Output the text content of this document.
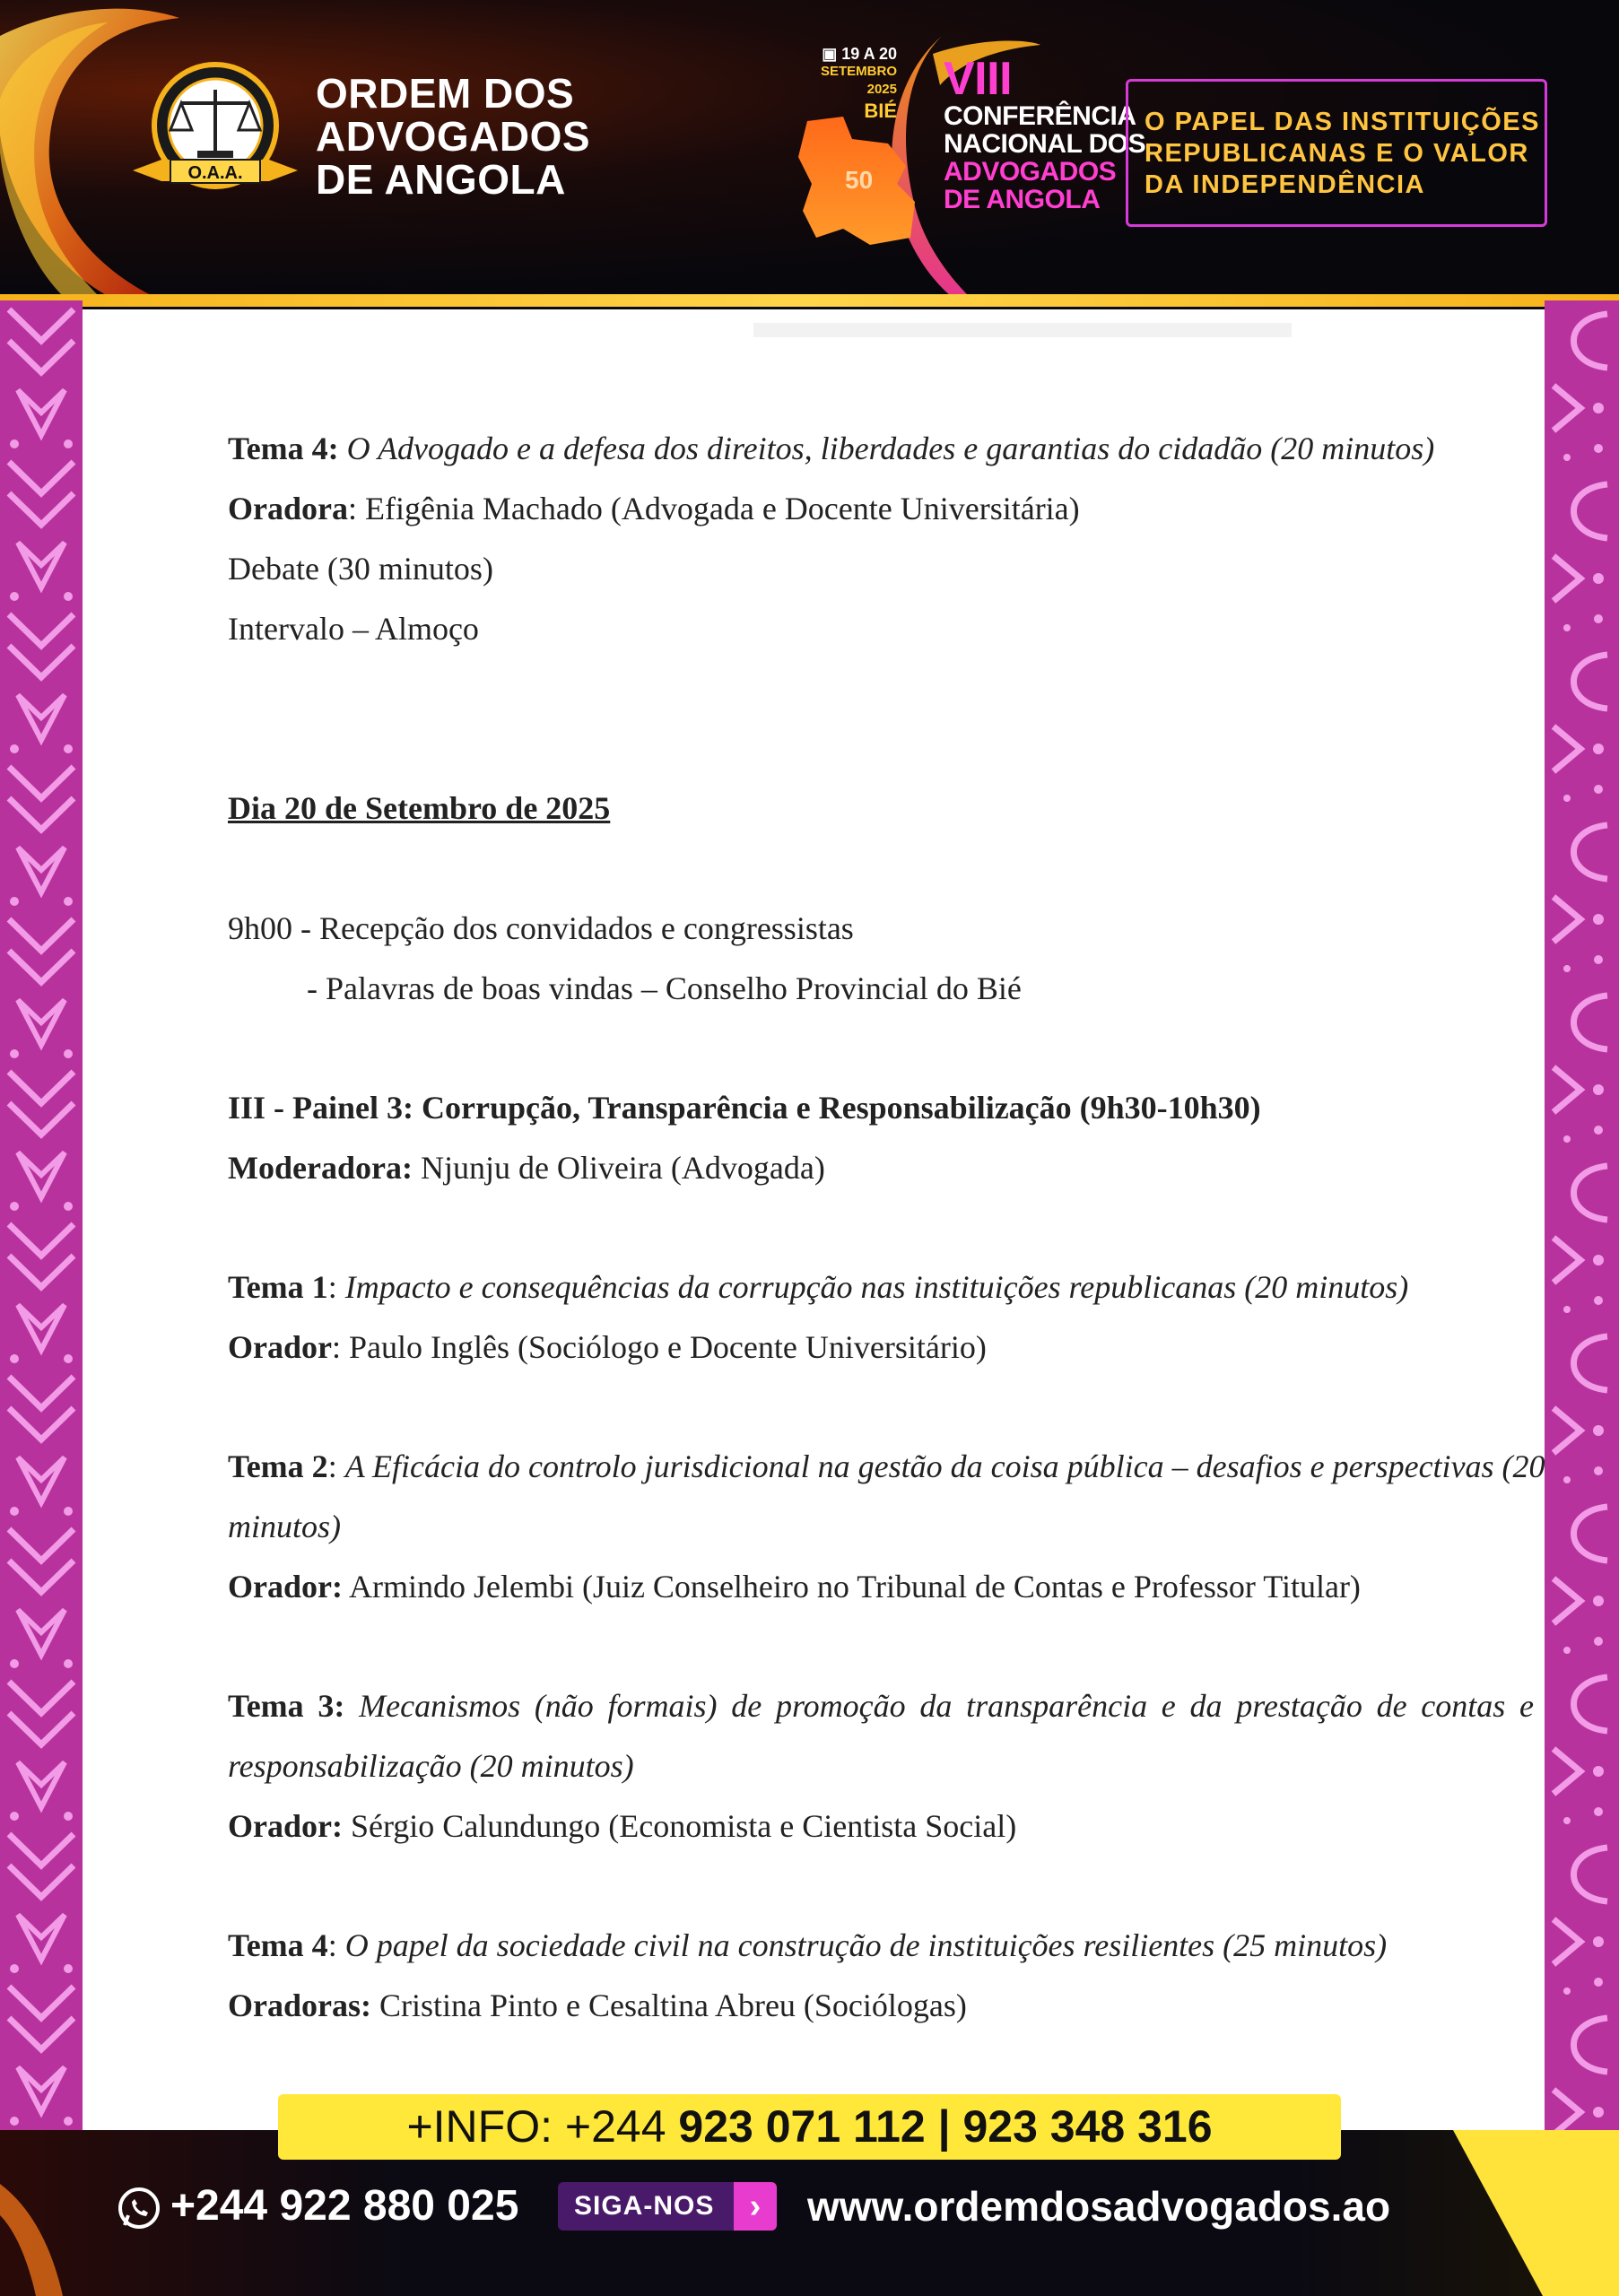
O.A.A.
ORDEM DOS
ADVOGADOS
DE ANGOLA
▣ 19 A 20
SETEMBRO
2025
BIÉ
50
VIII
CONFERÊNCIA
NACIONAL DOS
ADVOGADOS
DE ANGOLA
O PAPEL DAS INSTITUIÇÕES
REPUBLICANAS E O VALOR
DA INDEPENDÊNCIA
Tema 4: O Advogado e a defesa dos direitos, liberdades e garantias do cidadão (20 minutos)
Oradora: Efigênia Machado (Advogada e Docente Universitária)
Debate (30 minutos)
Intervalo – Almoço
Dia 20 de Setembro de 2025
9h00 - Recepção dos convidados e congressistas
- Palavras de boas vindas – Conselho Provincial do Bié
III - Painel 3: Corrupção, Transparência e Responsabilização (9h30-10h30)
Moderadora: Njunju de Oliveira (Advogada)
Tema 1: Impacto e consequências da corrupção nas instituições republicanas (20 minutos)
Orador: Paulo Inglês (Sociólogo e Docente Universitário)
Tema 2: A Eficácia do controlo jurisdicional na gestão da coisa pública – desafios e perspectivas (20
minutos)
Orador: Armindo Jelembi (Juiz Conselheiro no Tribunal de Contas e Professor Titular)
Tema 3: Mecanismos (não formais) de promoção da transparência e da prestação de contas e
responsabilização (20 minutos)
Orador: Sérgio Calundungo (Economista e Cientista Social)
Tema 4: O papel da sociedade civil na construção de instituições resilientes (25 minutos)
Oradoras: Cristina Pinto e Cesaltina Abreu (Sociólogas)
+INFO: +244 923 071 112 | 923 348 316
+244 922 880 025	SIGA-NOS	›	www.ordemdosadvogados.ao
